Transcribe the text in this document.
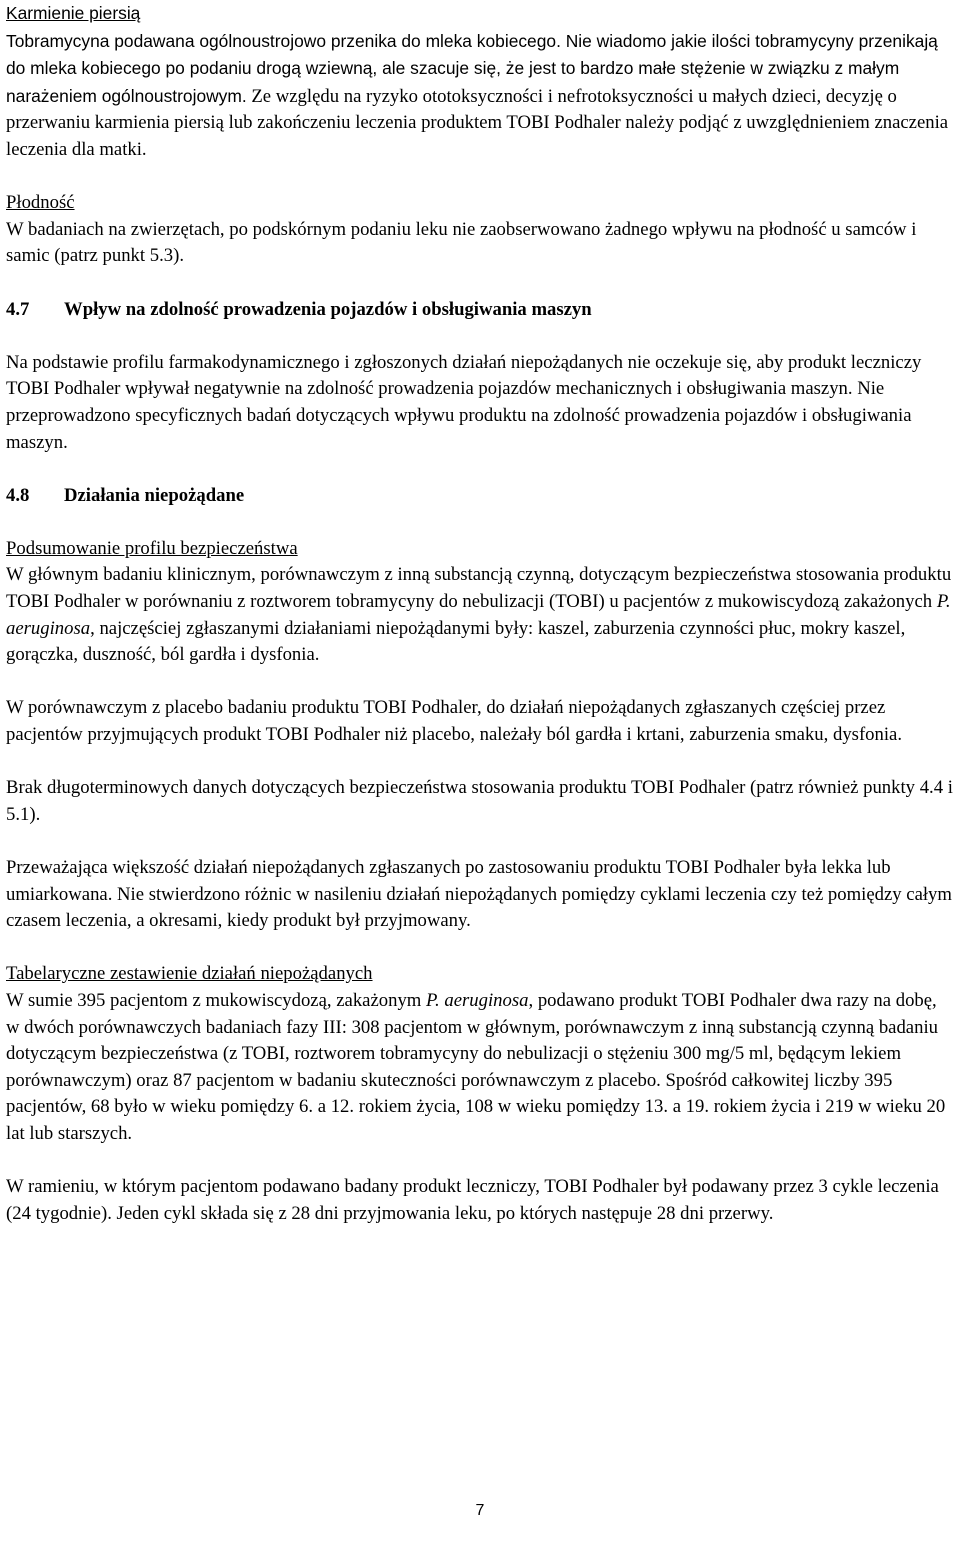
Karmienie piersią
Tobramycyna podawana ogólnoustrojowo przenika do mleka kobiecego. Nie wiadomo jakie ilości tobramycyny przenikają do mleka kobiecego po podaniu drogą wziewną, ale szacuje się, że jest to bardzo małe stężenie w związku z małym narażeniem ogólnoustrojowym. Ze względu na ryzyko ototoksyczności i nefrotoksyczności u małych dzieci, decyzję o przerwaniu karmienia piersią lub zakończeniu leczenia produktem TOBI Podhaler należy podjąć z uwzględnieniem znaczenia leczenia dla matki.

Płodność
W badaniach na zwierzętach, po podskórnym podaniu leku nie zaobserwowano żadnego wpływu na płodność u samców i samic (patrz punkt 5.3).

4.7 Wpływ na zdolność prowadzenia pojazdów i obsługiwania maszyn

Na podstawie profilu farmakodynamicznego i zgłoszonych działań niepożądanych nie oczekuje się, aby produkt leczniczy TOBI Podhaler wpływał negatywnie na zdolność prowadzenia pojazdów mechanicznych i obsługiwania maszyn. Nie przeprowadzono specyficznych badań dotyczących wpływu produktu na zdolność prowadzenia pojazdów i obsługiwania maszyn.

4.8 Działania niepożądane

Podsumowanie profilu bezpieczeństwa
W głównym badaniu klinicznym, porównawczym z inną substancją czynną, dotyczącym bezpieczeństwa stosowania produktu TOBI Podhaler w porównaniu z roztworem tobramycyny do nebulizacji (TOBI) u pacjentów z mukowiscydozą zakażonych P. aeruginosa, najczęściej zgłaszanymi działaniami niepożądanymi były: kaszel, zaburzenia czynności płuc, mokry kaszel, gorączka, duszność, ból gardła i dysfonia.

W porównawczym z placebo badaniu produktu TOBI Podhaler, do działań niepożądanych zgłaszanych częściej przez pacjentów przyjmujących produkt TOBI Podhaler niż placebo, należały ból gardła i krtani, zaburzenia smaku, dysfonia.

Brak długoterminowych danych dotyczących bezpieczeństwa stosowania produktu TOBI Podhaler (patrz również punkty 4.4 i 5.1).

Przeważająca większość działań niepożądanych zgłaszanych po zastosowaniu produktu TOBI Podhaler była lekka lub umiarkowana. Nie stwierdzono różnic w nasileniu działań niepożądanych pomiędzy cyklami leczenia czy też pomiędzy całym czasem leczenia, a okresami, kiedy produkt był przyjmowany.

Tabelaryczne zestawienie działań niepożądanych
W sumie 395 pacjentom z mukowiscydozą, zakażonym P. aeruginosa, podawano produkt TOBI Podhaler dwa razy na dobę, w dwóch porównawczych badaniach fazy III: 308 pacjentom w głównym, porównawczym z inną substancją czynną badaniu dotyczącym bezpieczeństwa (z TOBI, roztworem tobramycyny do nebulizacji o stężeniu 300 mg/5 ml, będącym lekiem porównawczym) oraz 87 pacjentom w badaniu skuteczności porównawczym z placebo. Spośród całkowitej liczby 395 pacjentów, 68 było w wieku pomiędzy 6. a 12. rokiem życia, 108 w wieku pomiędzy 13. a 19. rokiem życia i 219 w wieku 20 lat lub starszych.

W ramieniu, w którym pacjentom podawano badany produkt leczniczy, TOBI Podhaler był podawany przez 3 cykle leczenia (24 tygodnie). Jeden cykl składa się z 28 dni przyjmowania leku, po których następuje 28 dni przerwy.

7
